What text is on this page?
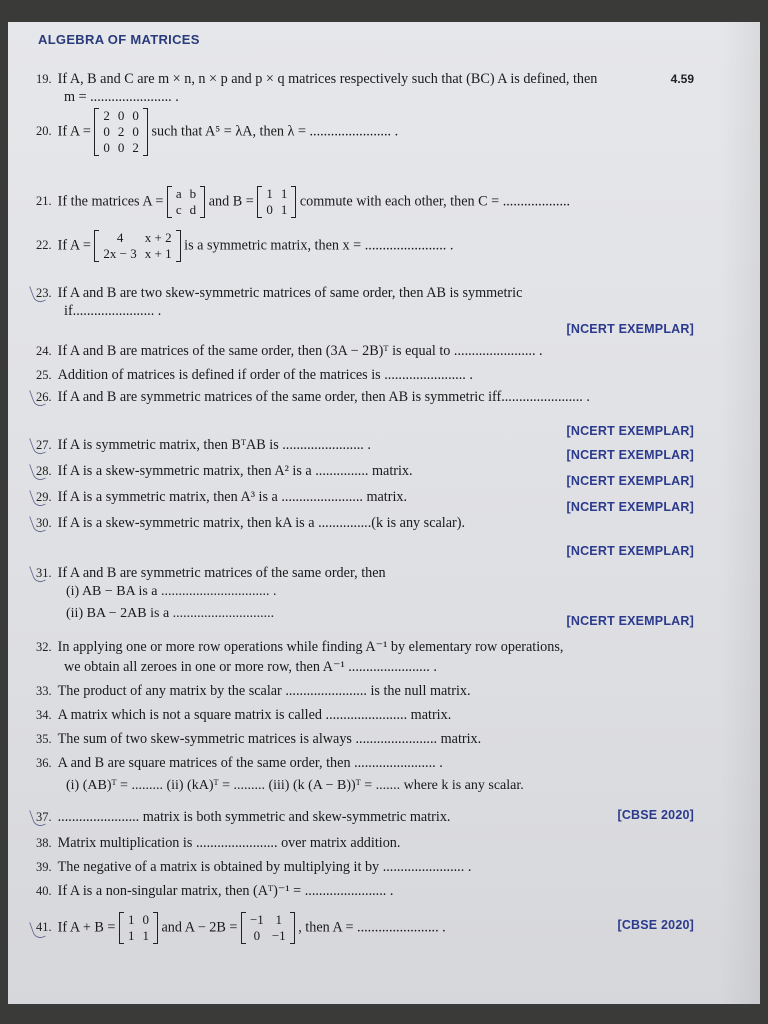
ALGEBRA OF MATRICES
4.59
19. If A, B and C are m × n, n × p and p × q matrices respectively such that (BC) A is defined, then
m = ....................... .
20. If A =
2	0	0
0	2	0
0	0	2
such that A⁵ = λA, then λ = ....................... .
21. If the matrices A = a	b
c	d
and B = 1	1
0	1
commute with each other, then C = ...................
22. If A = 4	x + 2
2x − 3	x + 1
is a symmetric matrix, then x = ....................... .
23. If A and B are two skew-symmetric matrices of same order, then AB is symmetric
if....................... .
[NCERT EXEMPLAR]
24. If A and B are matrices of the same order, then (3A − 2B)ᵀ is equal to ....................... .
25. Addition of matrices is defined if order of the matrices is ....................... .
26. If A and B are symmetric matrices of the same order, then AB is symmetric iff....................... .
[NCERT EXEMPLAR]
27. If A is symmetric matrix, then BᵀAB is ....................... .
[NCERT EXEMPLAR]
28. If A is a skew-symmetric matrix, then A² is a ............... matrix.
[NCERT EXEMPLAR]
29. If A is a symmetric matrix, then A³ is a ....................... matrix.
[NCERT EXEMPLAR]
30. If A is a skew-symmetric matrix, then kA is a ...............(k is any scalar).
[NCERT EXEMPLAR]
31. If A and B are symmetric matrices of the same order, then
(i) AB − BA is a ............................... .
(ii) BA − 2AB is a .............................	[NCERT EXEMPLAR]
32. In applying one or more row operations while finding A⁻¹ by elementary row operations,
we obtain all zeroes in one or more row, then A⁻¹ ....................... .
33. The product of any matrix by the scalar ....................... is the null matrix.
34. A matrix which is not a square matrix is called ....................... matrix.
35. The sum of two skew-symmetric matrices is always ....................... matrix.
36. A and B are square matrices of the same order, then ....................... .
(i) (AB)ᵀ = ......... (ii) (kA)ᵀ = ......... (iii) (k (A − B))ᵀ = ....... where k is any scalar.
37. ....................... matrix is both symmetric and skew-symmetric matrix.	[CBSE 2020]
38. Matrix multiplication is ....................... over matrix addition.
39. The negative of a matrix is obtained by multiplying it by ....................... .
40. If A is a non-singular matrix, then (Aᵀ)⁻¹ = ....................... .
41. If A + B = 1	0
1	1
and A − 2B = −1	1
0	−1
, then A = ....................... .	[CBSE 2020]
